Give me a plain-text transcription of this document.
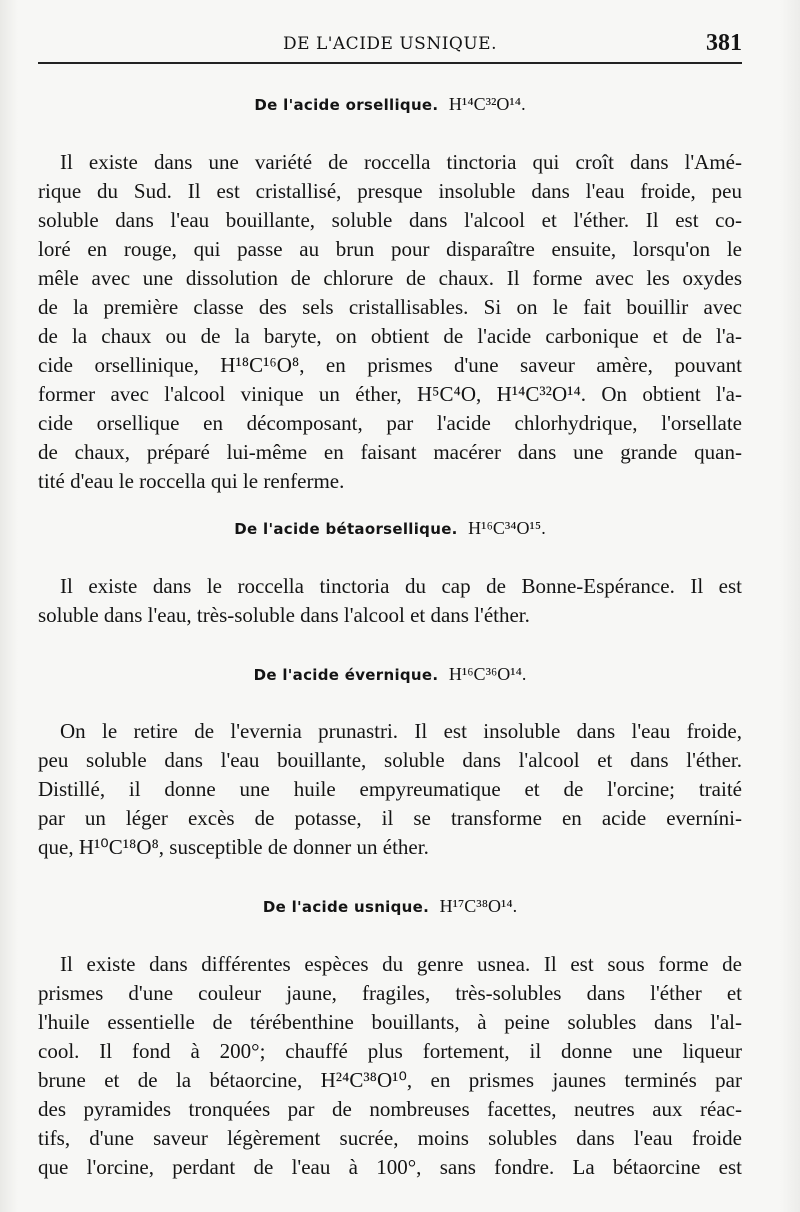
DE L'ACIDE USNIQUE.	381
De l'acide orsellique. H¹⁴C³²O¹⁴.
Il existe dans une variété de roccella tinctoria qui croît dans l'Amé-
rique du Sud. Il est cristallisé, presque insoluble dans l'eau froide, peu
soluble dans l'eau bouillante, soluble dans l'alcool et l'éther. Il est co-
loré en rouge, qui passe au brun pour disparaître ensuite, lorsqu'on le
mêle avec une dissolution de chlorure de chaux. Il forme avec les oxydes
de la première classe des sels cristallisables. Si on le fait bouillir avec
de la chaux ou de la baryte, on obtient de l'acide carbonique et de l'a-
cide orsellinique, H¹⁸C¹⁶O⁸, en prismes d'une saveur amère, pouvant
former avec l'alcool vinique un éther, H⁵C⁴O, H¹⁴C³²O¹⁴. On obtient l'a-
cide orsellique en décomposant, par l'acide chlorhydrique, l'orsellate
de chaux, préparé lui-même en faisant macérer dans une grande quan-
tité d'eau le roccella qui le renferme.
De l'acide bétaorsellique. H¹⁶C³⁴O¹⁵.
Il existe dans le roccella tinctoria du cap de Bonne-Espérance. Il est
soluble dans l'eau, très-soluble dans l'alcool et dans l'éther.
De l'acide évernique. H¹⁶C³⁶O¹⁴.
On le retire de l'evernia prunastri. Il est insoluble dans l'eau froide,
peu soluble dans l'eau bouillante, soluble dans l'alcool et dans l'éther.
Distillé, il donne une huile empyreumatique et de l'orcine; traité
par un léger excès de potasse, il se transforme en acide everníni-
que, H¹⁰C¹⁸O⁸, susceptible de donner un éther.
De l'acide usnique. H¹⁷C³⁸O¹⁴.
Il existe dans différentes espèces du genre usnea. Il est sous forme de
prismes d'une couleur jaune, fragiles, très-solubles dans l'éther et
l'huile essentielle de térébenthine bouillants, à peine solubles dans l'al-
cool. Il fond à 200°; chauffé plus fortement, il donne une liqueur
brune et de la bétaorcine, H²⁴C³⁸O¹⁰, en prismes jaunes terminés par
des pyramides tronquées par de nombreuses facettes, neutres aux réac-
tifs, d'une saveur légèrement sucrée, moins solubles dans l'eau froide
que l'orcine, perdant de l'eau à 100°, sans fondre. La bétaorcine est
